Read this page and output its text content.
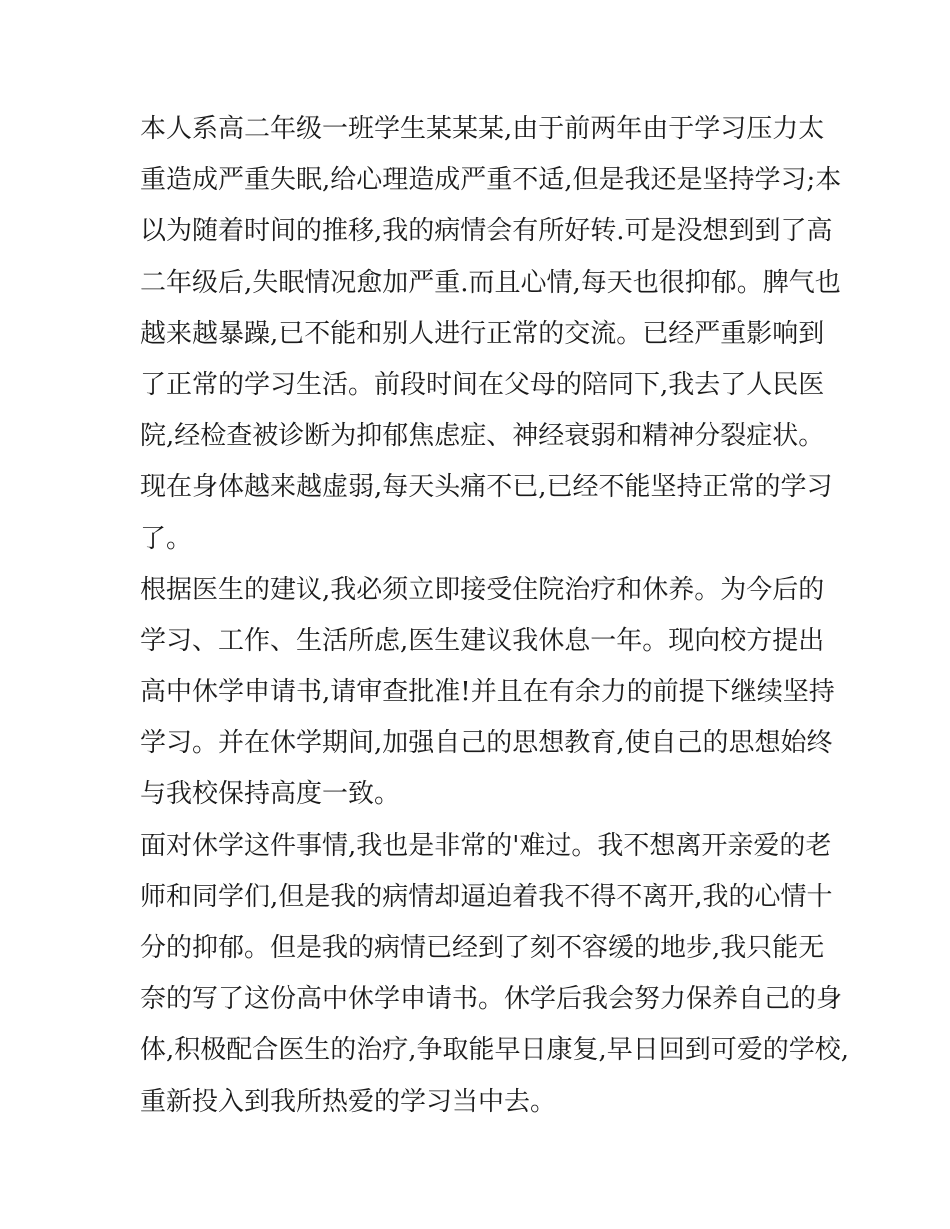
本人系高二年级一班学生某某某,由于前两年由于学习压力太
重造成严重失眠,给心理造成严重不适,但是我还是坚持学习;本
以为随着时间的推移,我的病情会有所好转.可是没想到到了高
二年级后,失眠情况愈加严重.而且心情,每天也很抑郁。脾气也
越来越暴躁,已不能和别人进行正常的交流。已经严重影响到
了正常的学习生活。前段时间在父母的陪同下,我去了人民医
院,经检查被诊断为抑郁焦虑症、神经衰弱和精神分裂症状。
现在身体越来越虚弱,每天头痛不已,已经不能坚持正常的学习
了。
根据医生的建议,我必须立即接受住院治疗和休养。为今后的
学习、工作、生活所虑,医生建议我休息一年。现向校方提出
高中休学申请书,请审查批准!并且在有余力的前提下继续坚持
学习。并在休学期间,加强自己的思想教育,使自己的思想始终
与我校保持高度一致。
面对休学这件事情,我也是非常的'难过。我不想离开亲爱的老
师和同学们,但是我的病情却逼迫着我不得不离开,我的心情十
分的抑郁。但是我的病情已经到了刻不容缓的地步,我只能无
奈的写了这份高中休学申请书。休学后我会努力保养自己的身
体,积极配合医生的治疗,争取能早日康复,早日回到可爱的学校,
重新投入到我所热爱的学习当中去。
